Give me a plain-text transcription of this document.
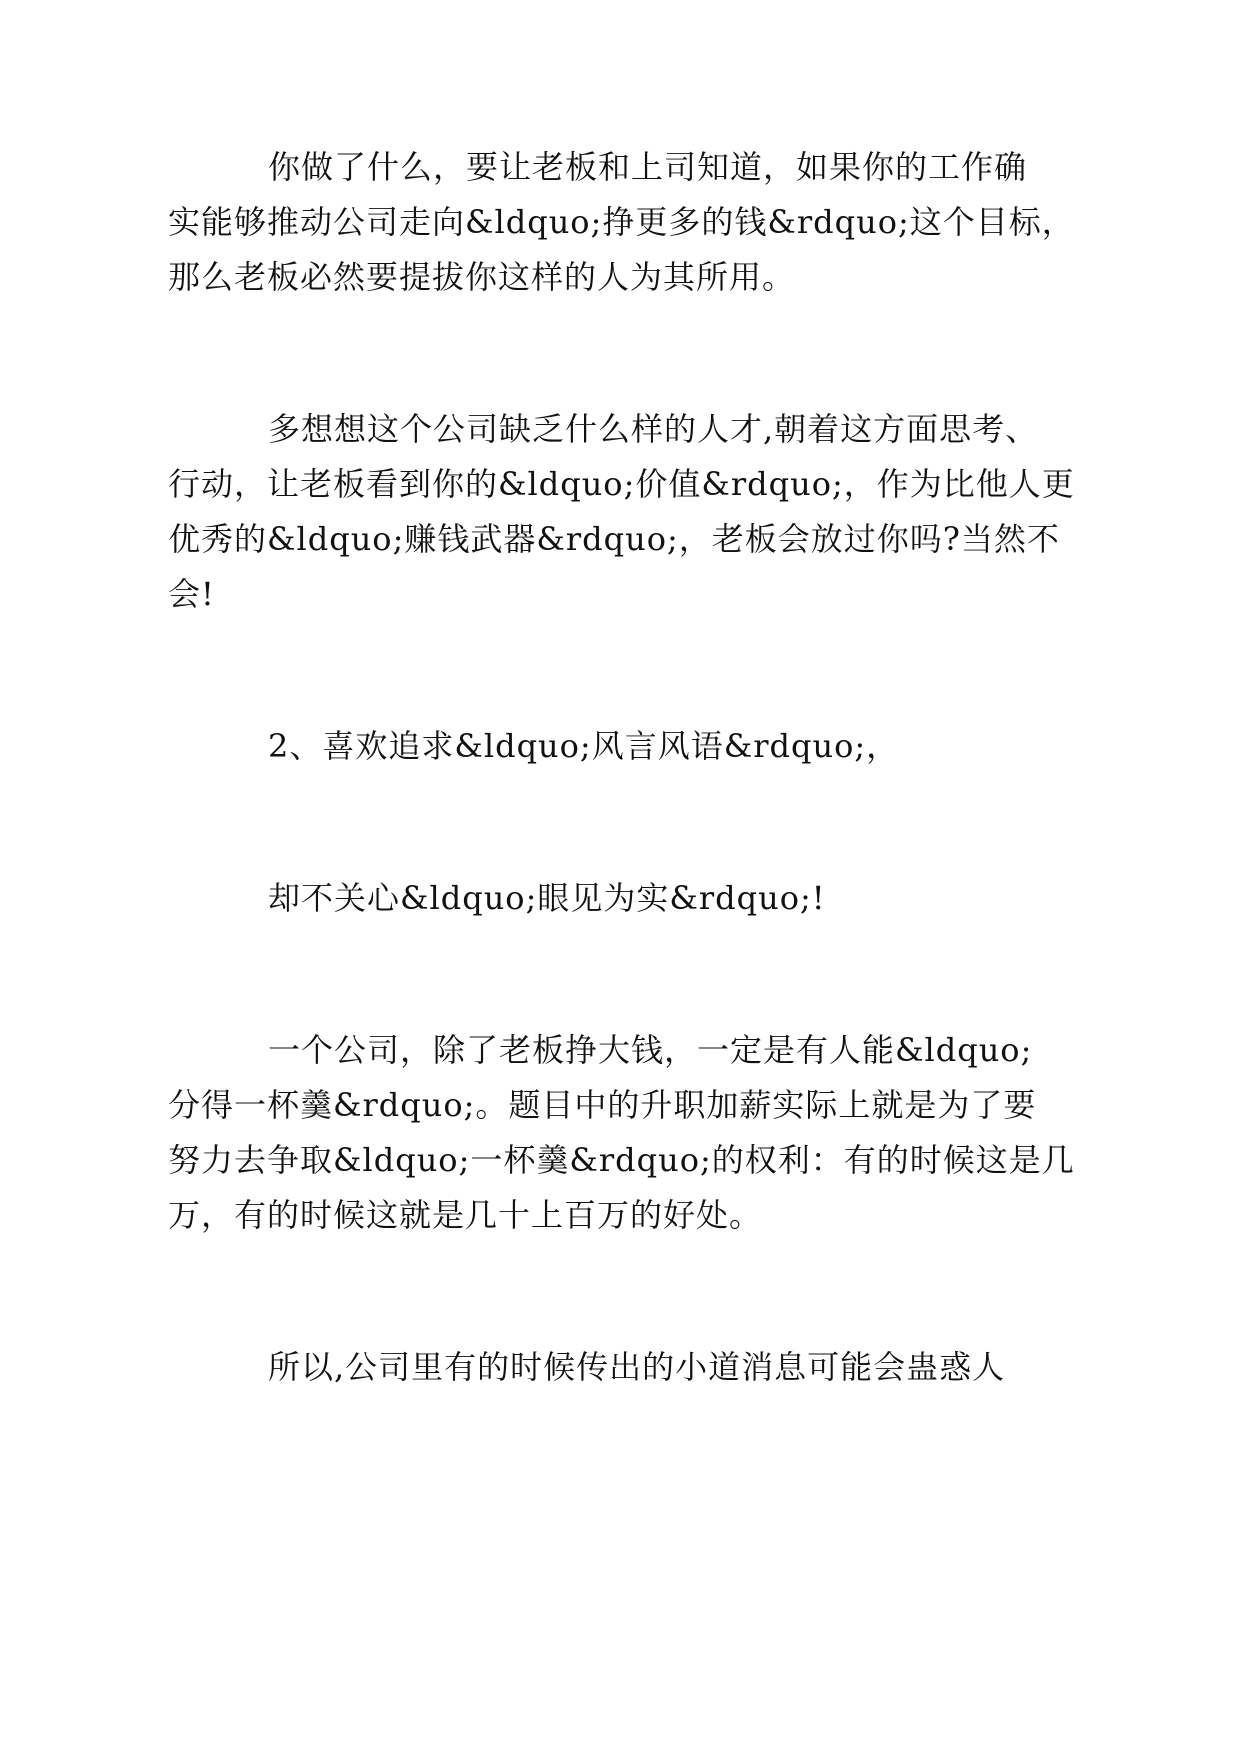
你做了什么，要让老板和上司知道，如果你的工作确
实能够推动公司走向&ldquo;挣更多的钱&rdquo;这个目标，
那么老板必然要提拔你这样的人为其所用。
多想想这个公司缺乏什么样的人才,朝着这方面思考、
行动，让老板看到你的&ldquo;价值&rdquo;，作为比他人更
优秀的&ldquo;赚钱武器&rdquo;，老板会放过你吗?当然不
会!
2、喜欢追求&ldquo;风言风语&rdquo;，
却不关心&ldquo;眼见为实&rdquo;!
一个公司，除了老板挣大钱，一定是有人能&ldquo;
分得一杯羹&rdquo;。题目中的升职加薪实际上就是为了要
努力去争取&ldquo;一杯羹&rdquo;的权利：有的时候这是几
万，有的时候这就是几十上百万的好处。
所以,公司里有的时候传出的小道消息可能会蛊惑人
